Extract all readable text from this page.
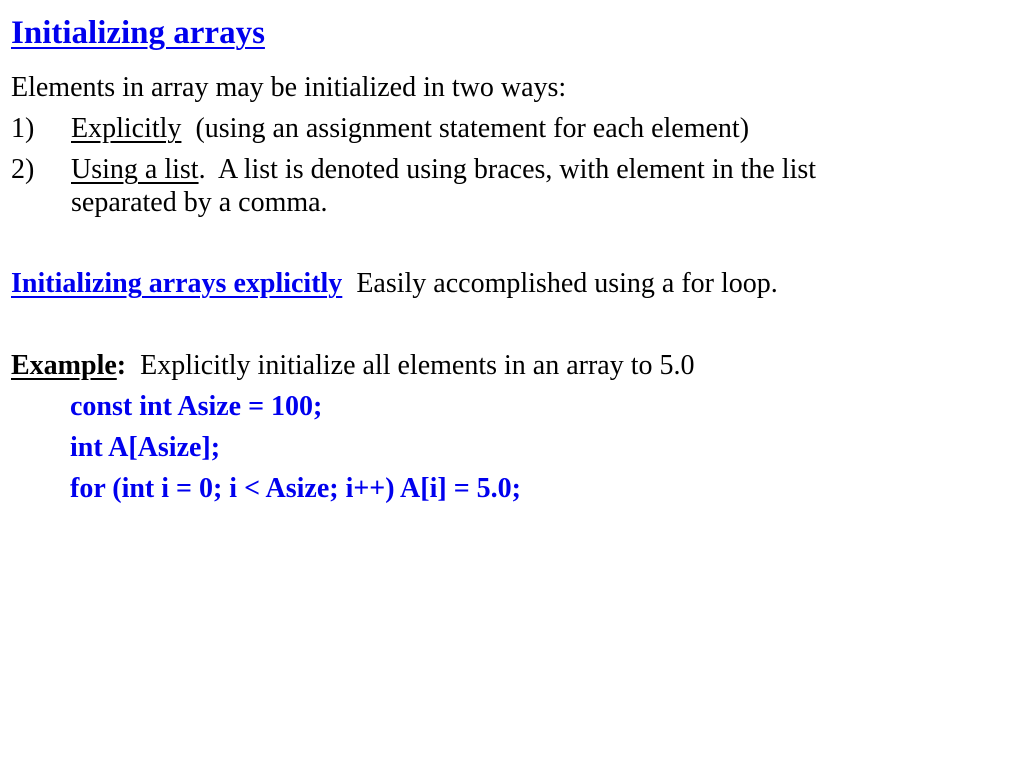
Initializing arrays
Elements in array may be initialized in two ways:
1)	Explicitly  (using an assignment statement for each element)
2)	Using a list.  A list is denoted using braces, with element in the list
separated by a comma.
Initializing arrays explicitly  Easily accomplished using a for loop.
Example:  Explicitly initialize all elements in an array to 5.0
const int Asize = 100;
int A[Asize];
for (int i = 0; i < Asize; i++) A[i] = 5.0;
